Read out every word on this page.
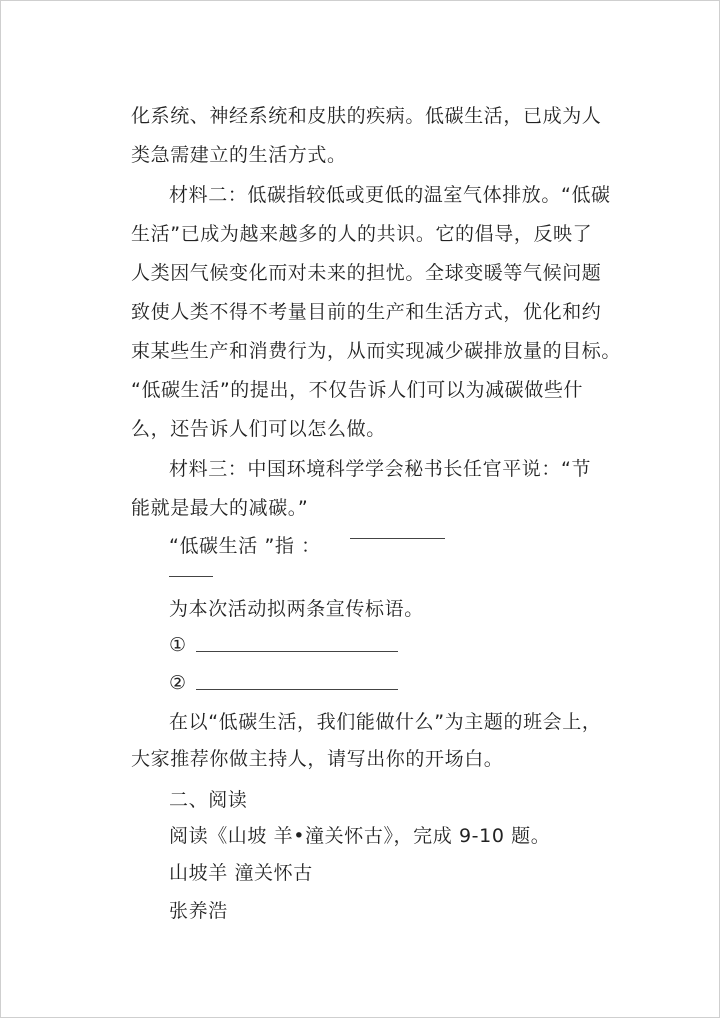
化系统、神经系统和皮肤的疾病。低碳生活，已成为人
类急需建立的生活方式。
材料二：低碳指较低或更低的温室气体排放。“低碳
生活”已成为越来越多的人的共识。它的倡导，反映了
人类因气候变化而对未来的担忧。全球变暖等气候问题
致使人类不得不考量目前的生产和生活方式，优化和约
束某些生产和消费行为，从而实现减少碳排放量的目标。
“低碳生活”的提出，不仅告诉人们可以为减碳做些什
么，还告诉人们可以怎么做。
材料三：中国环境科学学会秘书长任官平说：“节
能就是最大的减碳。”
“低碳生活 ”指 ：
为本次活动拟两条宣传标语。
①
②
在以“低碳生活，我们能做什么”为主题的班会上，
大家推荐你做主持人，请写出你的开场白。
二、阅读
阅读《山坡 羊•潼关怀古》，完成 9-10 题。
山坡羊 潼关怀古
张养浩
